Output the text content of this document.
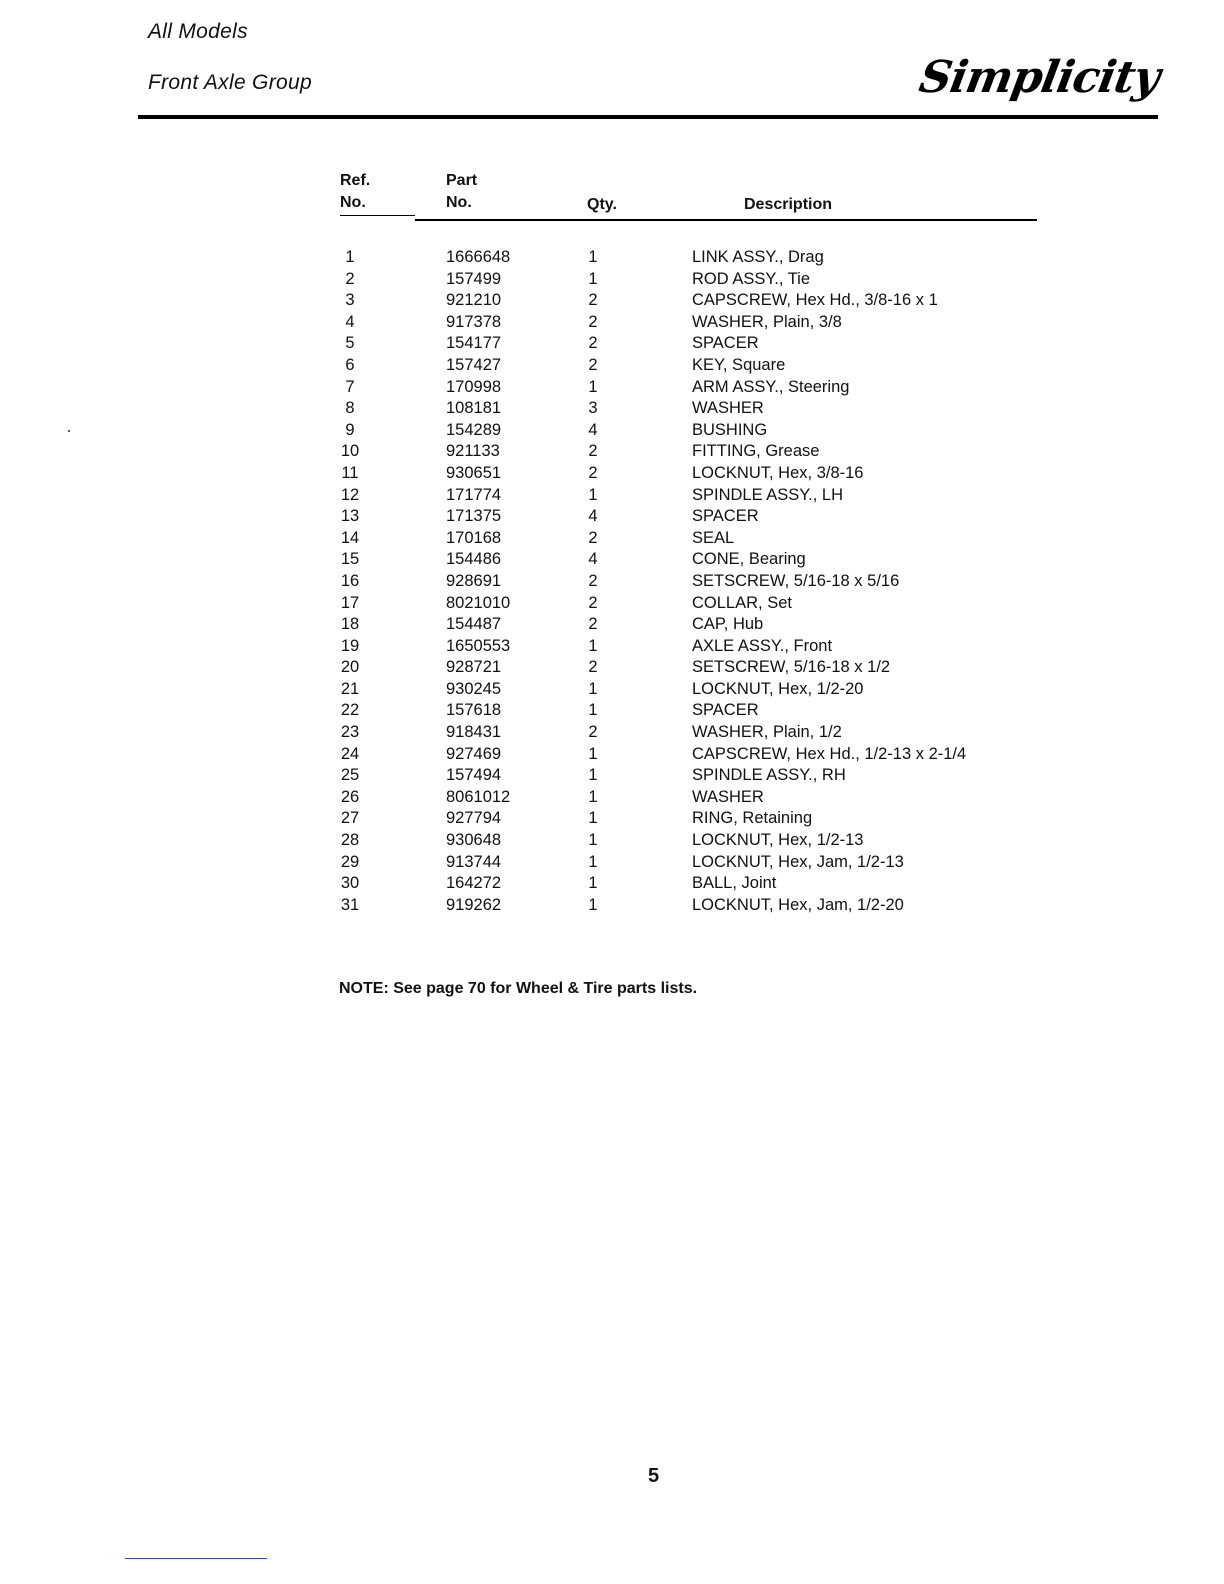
All Models
Front Axle Group	Simplicity
Ref.
No.
Part
No.	Qty.	Description
1	1666648	1	LINK ASSY., Drag
2	157499	1	ROD ASSY., Tie
3	921210	2	CAPSCREW, Hex Hd., 3/8-16 x 1
4	917378	2	WASHER, Plain, 3/8
5	154177	2	SPACER
6	157427	2	KEY, Square
7	170998	1	ARM ASSY., Steering
8	108181	3	WASHER
9	154289	4	BUSHING
10	921133	2	FITTING, Grease
11	930651	2	LOCKNUT, Hex, 3/8-16
12	171774	1	SPINDLE ASSY., LH
13	171375	4	SPACER
14	170168	2	SEAL
15	154486	4	CONE, Bearing
16	928691	2	SETSCREW, 5/16-18 x 5/16
17	8021010	2	COLLAR, Set
18	154487	2	CAP, Hub
19	1650553	1	AXLE ASSY., Front
20	928721	2	SETSCREW, 5/16-18 x 1/2
21	930245	1	LOCKNUT, Hex, 1/2-20
22	157618	1	SPACER
23	918431	2	WASHER, Plain, 1/2
24	927469	1	CAPSCREW, Hex Hd., 1/2-13 x 2-1/4
25	157494	1	SPINDLE ASSY., RH
26	8061012	1	WASHER
27	927794	1	RING, Retaining
28	930648	1	LOCKNUT, Hex, 1/2-13
29	913744	1	LOCKNUT, Hex, Jam, 1/2-13
30	164272	1	BALL, Joint
31	919262	1	LOCKNUT, Hex, Jam, 1/2-20
NOTE: See page 70 for Wheel & Tire parts lists.
5
